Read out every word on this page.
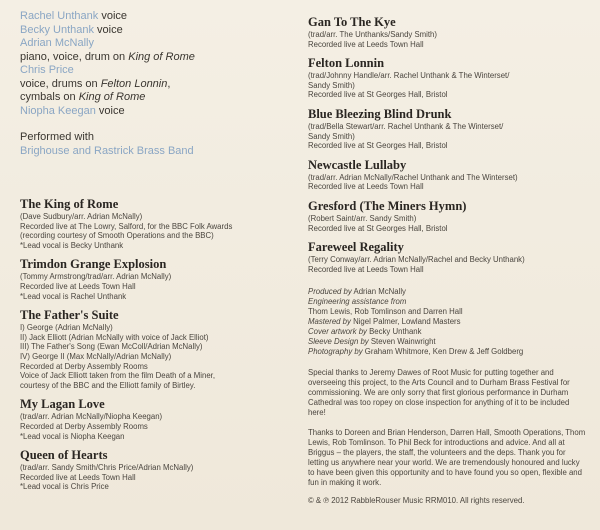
Rachel Unthank voice
Becky Unthank voice
Adrian McNally
piano, voice, drum on King of Rome
Chris Price
voice, drums on Felton Lonnin,
cymbals on King of Rome
Niopha Keegan voice
Performed with
Brighouse and Rastrick Brass Band
The King of Rome
(Dave Sudbury/arr. Adrian McNally)
Recorded live at The Lowry, Salford, for the BBC Folk Awards
(recording courtesy of Smooth Operations and the BBC)
*Lead vocal is Becky Unthank
Trimdon Grange Explosion
(Tommy Armstrong/trad/arr. Adrian McNally)
Recorded live at Leeds Town Hall
*Lead vocal is Rachel Unthank
The Father's Suite
I) George (Adrian McNally)
II) Jack Elliott (Adrian McNally with voice of Jack Elliot)
III) The Father's Song (Ewan McColl/Adrian McNally)
IV) George II (Max McNally/Adrian McNally)
Recorded at Derby Assembly Rooms
Voice of Jack Elliott taken from the film Death of a Miner,
courtesy of the BBC and the Elliott family of Birtley.
My Lagan Love
(trad/arr. Adrian McNally/Niopha Keegan)
Recorded at Derby Assembly Rooms
*Lead vocal is Niopha Keegan
Queen of Hearts
(trad/arr. Sandy Smith/Chris Price/Adrian McNally)
Recorded live at Leeds Town Hall
*Lead vocal is Chris Price
Gan To The Kye
(trad/arr. The Unthanks/Sandy Smith)
Recorded live at Leeds Town Hall
Felton Lonnin
(trad/Johnny Handle/arr. Rachel Unthank & The Winterset/
Sandy Smith)
Recorded live at St Georges Hall, Bristol
Blue Bleezing Blind Drunk
(trad/Bella Stewart/arr. Rachel Unthank & The Winterset/
Sandy Smith)
Recorded live at St Georges Hall, Bristol
Newcastle Lullaby
(trad/arr. Adrian McNally/Rachel Unthank and The Winterset)
Recorded live at Leeds Town Hall
Gresford (The Miners Hymn)
(Robert Saint/arr. Sandy Smith)
Recorded live at St Georges Hall, Bristol
Fareweel Regality
(Terry Conway/arr. Adrian McNally/Rachel and Becky Unthank)
Recorded live at Leeds Town Hall
Produced by Adrian McNally
Engineering assistance from
Thom Lewis, Rob Tomlinson and Darren Hall
Mastered by Nigel Palmer, Lowland Masters
Cover artwork by Becky Unthank
Sleeve Design by Steven Wainwright
Photography by Graham Whitmore, Ken Drew & Jeff Goldberg

Special thanks to Jeremy Dawes of Root Music for putting together and overseeing this project, to the Arts Council and to Durham Brass Festival for commissioning. We are only sorry that first glorious performance in Durham Cathedral was too ropey on close inspection for anything of it to be included here!

Thanks to Doreen and Brian Henderson, Darren Hall, Smooth Operations, Thom Lewis, Rob Tomlinson. To Phil Beck for introductions and advice. And all at Briggus – the players, the staff, the volunteers and the deps. Thank you for letting us anywhere near your world. We are tremendously honoured and lucky to have been given this opportunity and to have found you so open, flexible and fun in making it work.

© & ℗ 2012 RabbleRouser Music RRM010. All rights reserved.
